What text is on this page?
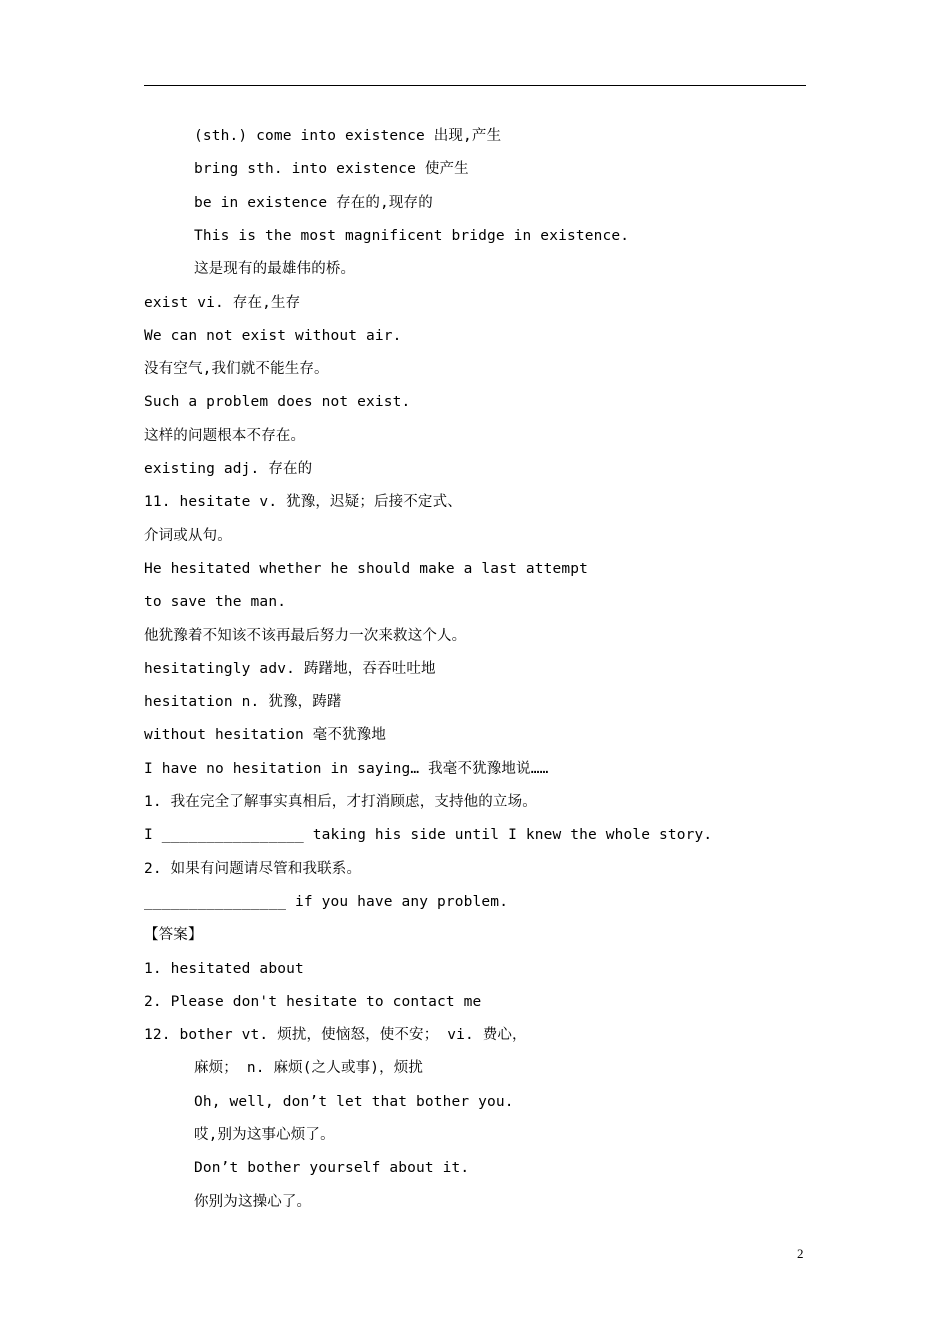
(sth.) come into existence 出现,产生
bring sth. into existence 使产生
be in existence 存在的,现存的
This is the most magnificent bridge in existence.
这是现有的最雄伟的桥。
exist vi. 存在,生存
We can not exist without air.
没有空气,我们就不能生存。
Such a problem does not exist.
这样的问题根本不存在。
existing adj. 存在的
11. hesitate v. 犹豫，迟疑；后接不定式、
介词或从句。
He hesitated whether he should make a last attempt
to save the man.
他犹豫着不知该不该再最后努力一次来救这个人。
hesitatingly adv. 踌躇地，吞吞吐吐地
hesitation n. 犹豫，踌躇
without hesitation 毫不犹豫地
I have no hesitation in saying… 我毫不犹豫地说……
1. 我在完全了解事实真相后，才打消顾虑，支持他的立场。
I ________________ taking his side until I knew the whole story.
2. 如果有问题请尽管和我联系。
________________ if you have any problem.
【答案】
1. hesitated about
2. Please don't hesitate to contact me
12. bother vt. 烦扰，使恼怒，使不安； vi. 费心，
麻烦； n. 麻烦(之人或事)，烦扰
Oh, well, don’t let that bother you.
哎,别为这事心烦了。
Don’t bother yourself about it.
你别为这操心了。
2
